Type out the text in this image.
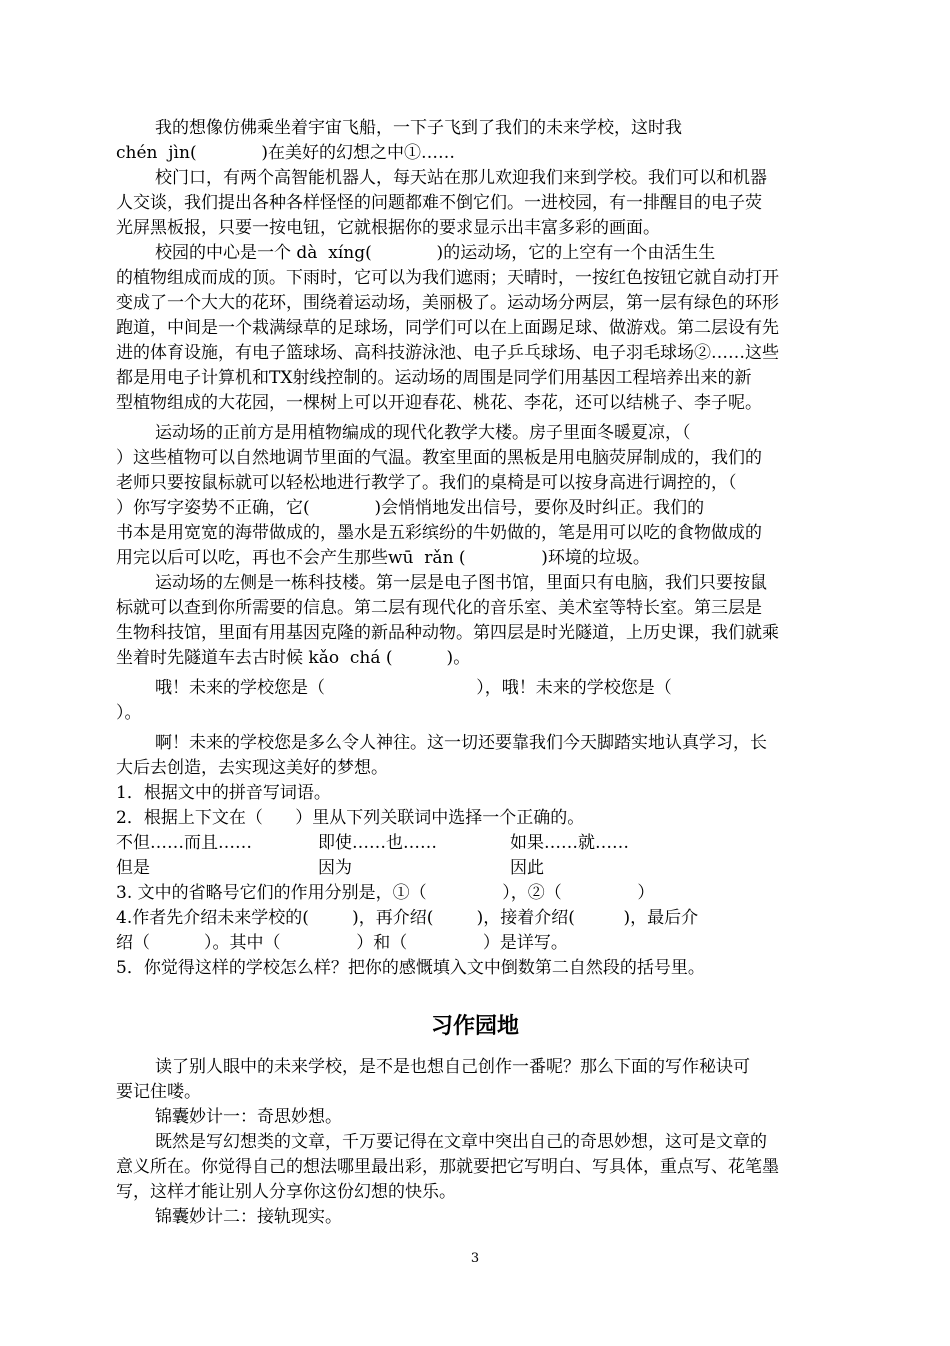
我的想像仿佛乘坐着宇宙飞船，一下子飞到了我们的未来学校，这时我
chén  jìn(            )在美好的幻想之中①……
校门口，有两个高智能机器人，每天站在那儿欢迎我们来到学校。我们可以和机器
人交谈，我们提出各种各样怪怪的问题都难不倒它们。一进校园，有一排醒目的电子荧
光屏黑板报，只要一按电钮，它就根据你的要求显示出丰富多彩的画面。
校园的中心是一个 dà  xíng(            )的运动场，它的上空有一个由活生生
的植物组成而成的顶。下雨时，它可以为我们遮雨；天晴时，一按红色按钮它就自动打开
变成了一个大大的花环，围绕着运动场，美丽极了。运动场分两层，第一层有绿色的环形
跑道，中间是一个栽满绿草的足球场，同学们可以在上面踢足球、做游戏。第二层设有先
进的体育设施，有电子篮球场、高科技游泳池、电子乒乓球场、电子羽毛球场②……这些
都是用电子计算机和TX射线控制的。运动场的周围是同学们用基因工程培养出来的新
型植物组成的大花园，一棵树上可以开迎春花、桃花、李花，还可以结桃子、李子呢。
运动场的正前方是用植物编成的现代化教学大楼。房子里面冬暖夏凉，（
）这些植物可以自然地调节里面的气温。教室里面的黑板是用电脑荧屏制成的，我们的
老师只要按鼠标就可以轻松地进行教学了。我们的桌椅是可以按身高进行调控的，（
）你写字姿势不正确，它(            )会悄悄地发出信号，要你及时纠正。我们的
书本是用宽宽的海带做成的，墨水是五彩缤纷的牛奶做的，笔是用可以吃的食物做成的
用完以后可以吃，再也不会产生那些wū  rǎn (              )环境的垃圾。
运动场的左侧是一栋科技楼。第一层是电子图书馆，里面只有电脑，我们只要按鼠
标就可以查到你所需要的信息。第二层有现代化的音乐室、美术室等特长室。第三层是
生物科技馆，里面有用基因克隆的新品种动物。第四层是时光隧道，上历史课，我们就乘
坐着时先隧道车去古时候 kǎo  chá (          )。
哦！未来的学校您是（                            ），哦！未来的学校您是（
）。
啊！未来的学校您是多么令人神往。这一切还要靠我们今天脚踏实地认真学习，长
大后去创造，去实现这美好的梦想。
1．根据文中的拼音写词语。
2．根据上下文在（      ）里从下列关联词中选择一个正确的。
不但……而且……	即使……也……	如果……就……
但是	因为	因此
3. 文中的省略号它们的作用分别是，①（              ），②（              ）
4.作者先介绍未来学校的(        )，再介绍(        )，接着介绍(         )，最后介
绍（          ）。其中（              ）和（              ）是详写。
5．你觉得这样的学校怎么样？把你的感慨填入文中倒数第二自然段的括号里。
习作园地
读了别人眼中的未来学校，是不是也想自己创作一番呢？那么下面的写作秘诀可
要记住喽。
锦囊妙计一：奇思妙想。
既然是写幻想类的文章，千万要记得在文章中突出自己的奇思妙想，这可是文章的
意义所在。你觉得自己的想法哪里最出彩，那就要把它写明白、写具体，重点写、花笔墨
写，这样才能让别人分享你这份幻想的快乐。
锦囊妙计二：接轨现实。
3
